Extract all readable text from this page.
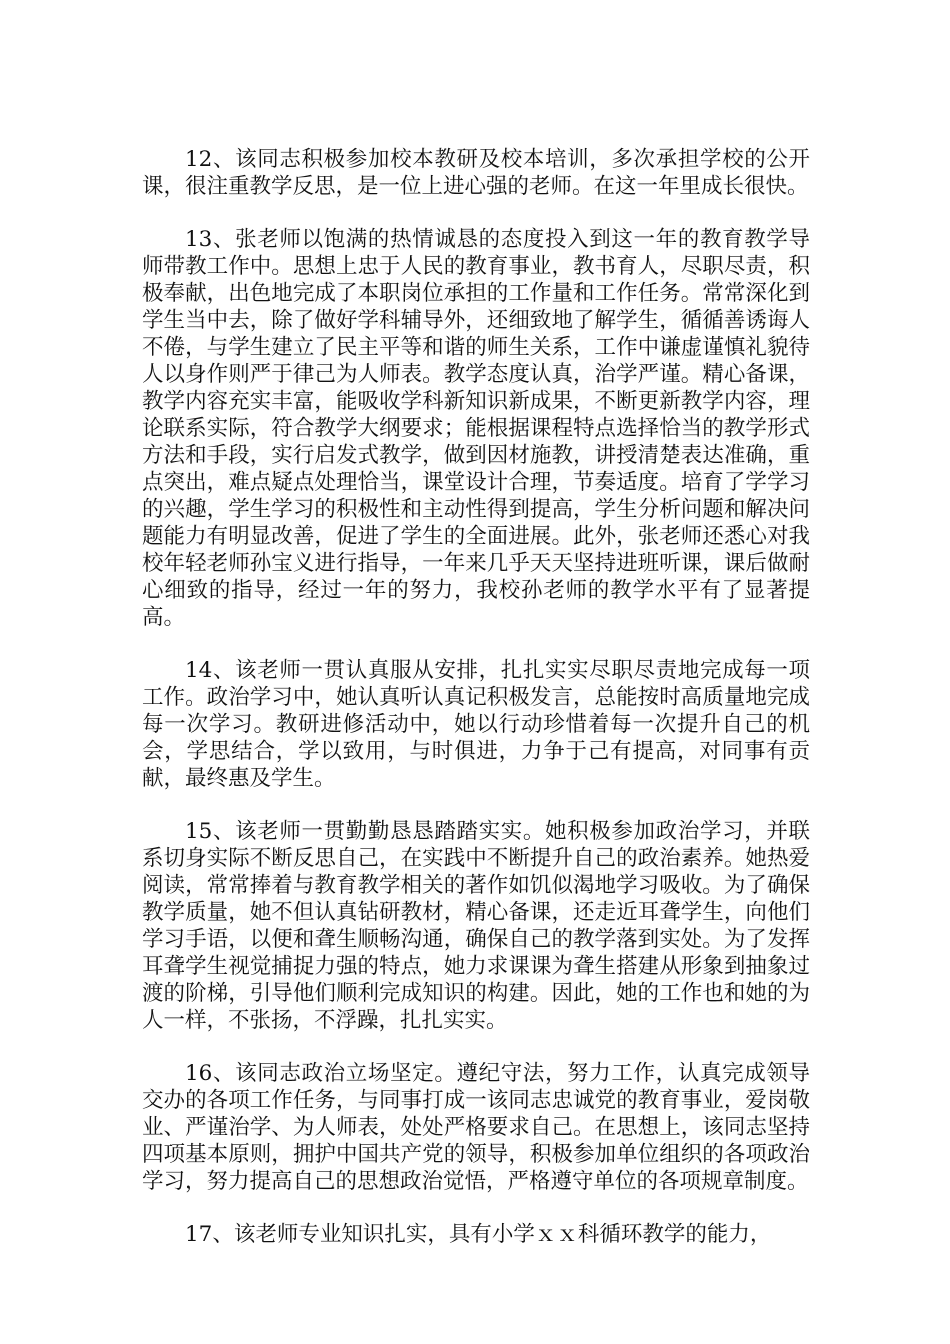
12、该同志积极参加校本教研及校本培训，多次承担学校的公开课，很注重教学反思，是一位上进心强的老师。在这一年里成长很快。

13、张老师以饱满的热情诚恳的态度投入到这一年的教育教学导师带教工作中。思想上忠于人民的教育事业，教书育人，尽职尽责，积极奉献，出色地完成了本职岗位承担的工作量和工作任务。常常深化到学生当中去，除了做好学科辅导外，还细致地了解学生，循循善诱诲人不倦，与学生建立了民主平等和谐的师生关系，工作中谦虚谨慎礼貌待人以身作则严于律己为人师表。教学态度认真，治学严谨。精心备课，教学内容充实丰富，能吸收学科新知识新成果，不断更新教学内容，理论联系实际，符合教学大纲要求；能根据课程特点选择恰当的教学形式方法和手段，实行启发式教学，做到因材施教，讲授清楚表达准确，重点突出，难点疑点处理恰当，课堂设计合理，节奏适度。培育了学学习的兴趣，学生学习的积极性和主动性得到提高，学生分析问题和解决问题能力有明显改善，促进了学生的全面进展。此外，张老师还悉心对我校年轻老师孙宝义进行指导，一年来几乎天天坚持进班听课，课后做耐心细致的指导，经过一年的努力，我校孙老师的教学水平有了显著提高。

14、该老师一贯认真服从安排，扎扎实实尽职尽责地完成每一项工作。政治学习中，她认真听认真记积极发言，总能按时高质量地完成每一次学习。教研进修活动中，她以行动珍惜着每一次提升自己的机会，学思结合，学以致用，与时俱进，力争于己有提高，对同事有贡献，最终惠及学生。

15、该老师一贯勤勤恳恳踏踏实实。她积极参加政治学习，并联系切身实际不断反思自己，在实践中不断提升自己的政治素养。她热爱阅读，常常捧着与教育教学相关的著作如饥似渴地学习吸收。为了确保教学质量，她不但认真钻研教材，精心备课，还走近耳聋学生，向他们学习手语，以便和聋生顺畅沟通，确保自己的教学落到实处。为了发挥耳聋学生视觉捕捉力强的特点，她力求课课为聋生搭建从形象到抽象过渡的阶梯，引导他们顺利完成知识的构建。因此，她的工作也和她的为人一样，不张扬，不浮躁，扎扎实实。

16、该同志政治立场坚定。遵纪守法，努力工作，认真完成领导交办的各项工作任务，与同事打成一该同志忠诚党的教育事业，爱岗敬业、严谨治学、为人师表，处处严格要求自己。在思想上，该同志坚持四项基本原则，拥护中国共产党的领导，积极参加单位组织的各项政治学习，努力提高自己的思想政治觉悟，严格遵守单位的各项规章制度。

17、该老师专业知识扎实，具有小学ｘｘ科循环教学的能力，
